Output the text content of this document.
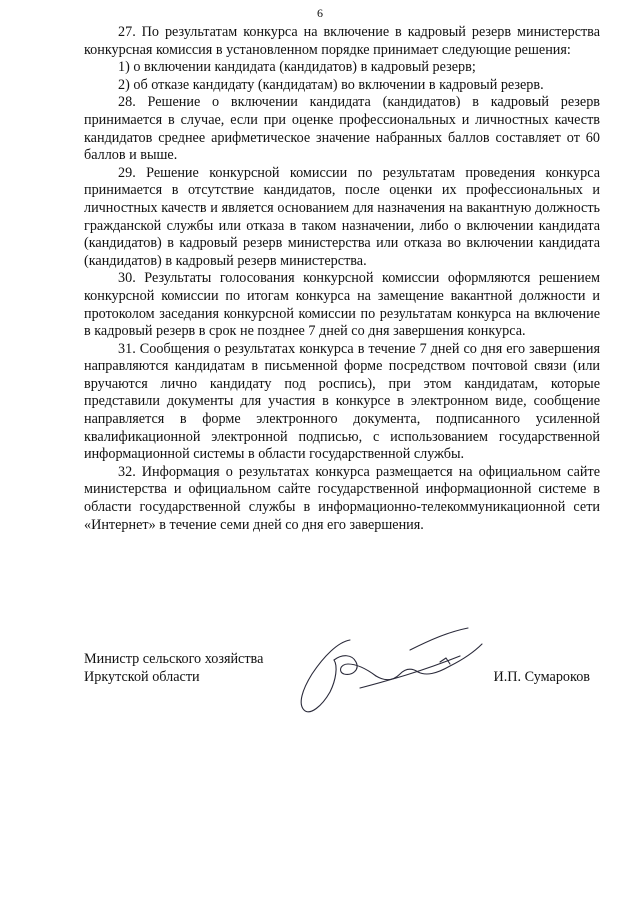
6

27. По результатам конкурса на включение в кадровый резерв министерства конкурсная комиссия в установленном порядке принимает следующие решения:

1) о включении кандидата (кандидатов) в кадровый резерв;

2) об отказе кандидату (кандидатам) во включении в кадровый резерв.

28. Решение о включении кандидата (кандидатов) в кадровый резерв принимается в случае, если при оценке профессиональных и личностных качеств кандидатов среднее арифметическое значение набранных баллов составляет от 60 баллов и выше.

29. Решение конкурсной комиссии по результатам проведения конкурса принимается в отсутствие кандидатов, после оценки их профессиональных и личностных качеств и является основанием для назначения на вакантную должность гражданской службы или отказа в таком назначении, либо о включении кандидата (кандидатов) в кадровый резерв министерства или отказа во включении кандидата (кандидатов) в кадровый резерв министерства.

30. Результаты голосования конкурсной комиссии оформляются решением конкурсной комиссии по итогам конкурса на замещение вакантной должности и протоколом заседания конкурсной комиссии по результатам конкурса на включение в кадровый резерв в срок не позднее 7 дней со дня завершения конкурса.

31. Сообщения о результатах конкурса в течение 7 дней со дня его завершения направляются кандидатам в письменной форме посредством почтовой связи (или вручаются лично кандидату под роспись), при этом кандидатам, которые представили документы для участия в конкурсе в электронном виде, сообщение направляется в форме электронного документа, подписанного усиленной квалификационной электронной подписью, с использованием государственной информационной системы в области государственной службы.

32. Информация о результатах конкурса размещается на официальном сайте министерства и официальном сайте государственной информационной системе в области государственной службы в информационно-телекоммуникационной сети «Интернет» в течение семи дней со дня его завершения.

Министр сельского хозяйства
Иркутской области	И.П. Сумароков
